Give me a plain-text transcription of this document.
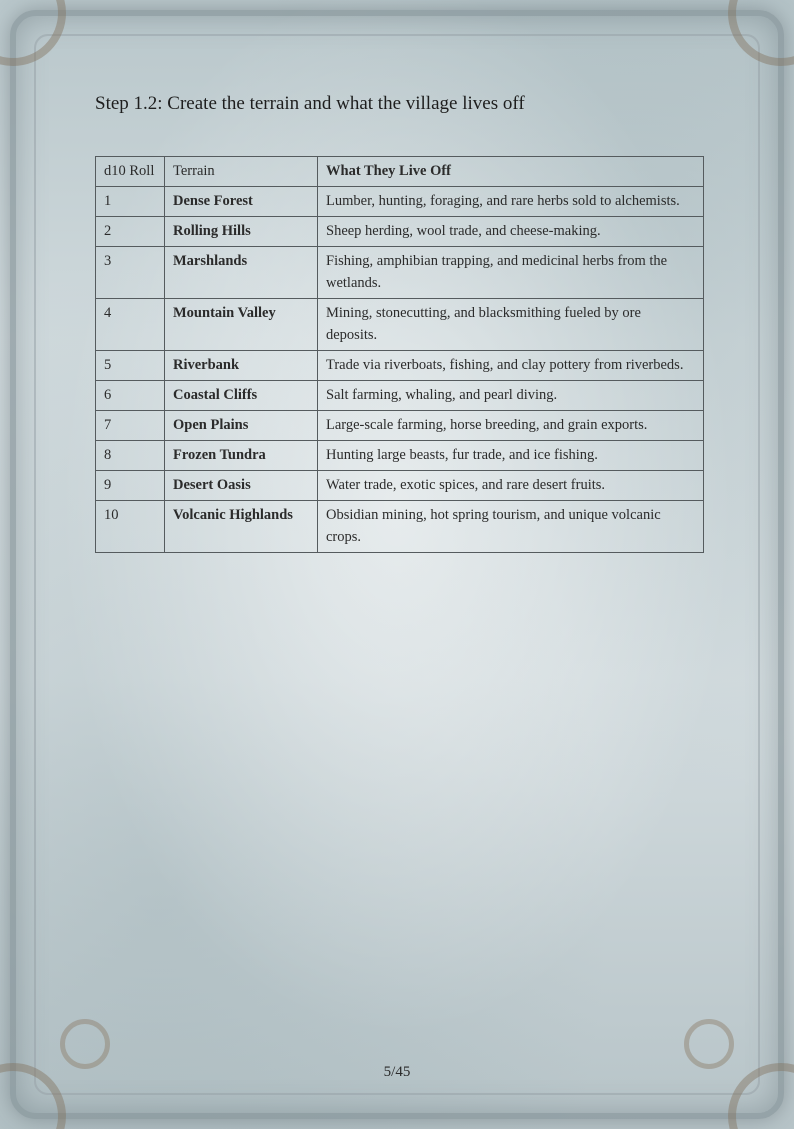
Step 1.2: Create the terrain and what the village lives off
d10 Roll	Terrain	What They Live Off
1	Dense Forest	Lumber, hunting, foraging, and rare herbs sold to alchemists.
2	Rolling Hills	Sheep herding, wool trade, and cheese-making.
3	Marshlands	Fishing, amphibian trapping, and medicinal herbs from the wetlands.
4	Mountain Valley	Mining, stonecutting, and blacksmithing fueled by ore deposits.
5	Riverbank	Trade via riverboats, fishing, and clay pottery from riverbeds.
6	Coastal Cliffs	Salt farming, whaling, and pearl diving.
7	Open Plains	Large-scale farming, horse breeding, and grain exports.
8	Frozen Tundra	Hunting large beasts, fur trade, and ice fishing.
9	Desert Oasis	Water trade, exotic spices, and rare desert fruits.
10	Volcanic Highlands	Obsidian mining, hot spring tourism, and unique volcanic crops.
5/45
